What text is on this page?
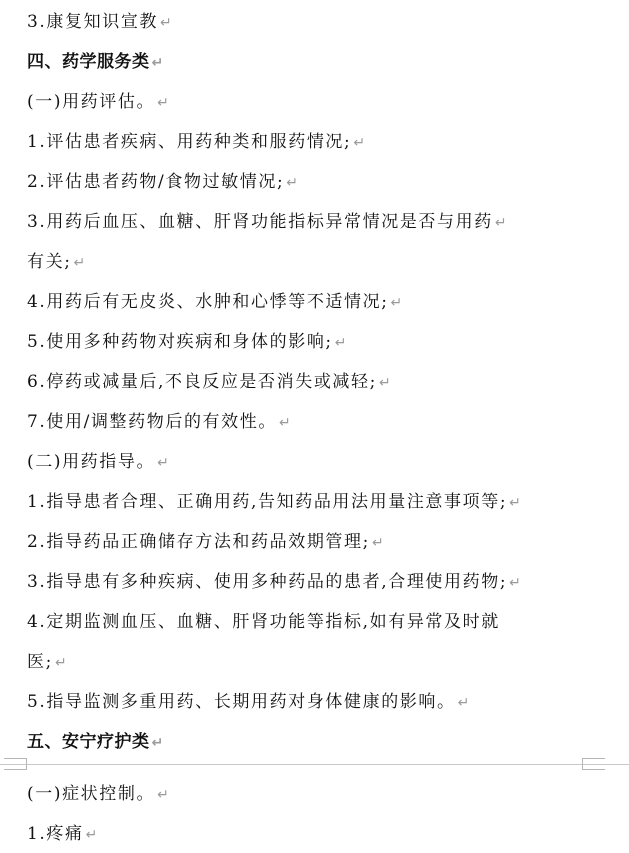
3.康复知识宣教 ↵
四、药学服务类 ↵
(一)用药评估。 ↵
1.评估患者疾病、用药种类和服药情况; ↵
2.评估患者药物/食物过敏情况; ↵
3.用药后血压、血糖、肝肾功能指标异常情况是否与用药 ↵
有关; ↵
4.用药后有无皮炎、水肿和心悸等不适情况; ↵
5.使用多种药物对疾病和身体的影响; ↵
6.停药或减量后,不良反应是否消失或减轻; ↵
7.使用/调整药物后的有效性。 ↵
(二)用药指导。 ↵
1.指导患者合理、正确用药,告知药品用法用量注意事项等; ↵
2.指导药品正确储存方法和药品效期管理; ↵
3.指导患有多种疾病、使用多种药品的患者,合理使用药物; ↵
4.定期监测血压、血糖、肝肾功能等指标,如有异常及时就
医; ↵
5.指导监测多重用药、长期用药对身体健康的影响。 ↵
五、安宁疗护类 ↵
(一)症状控制。 ↵
1.疼痛 ↵
